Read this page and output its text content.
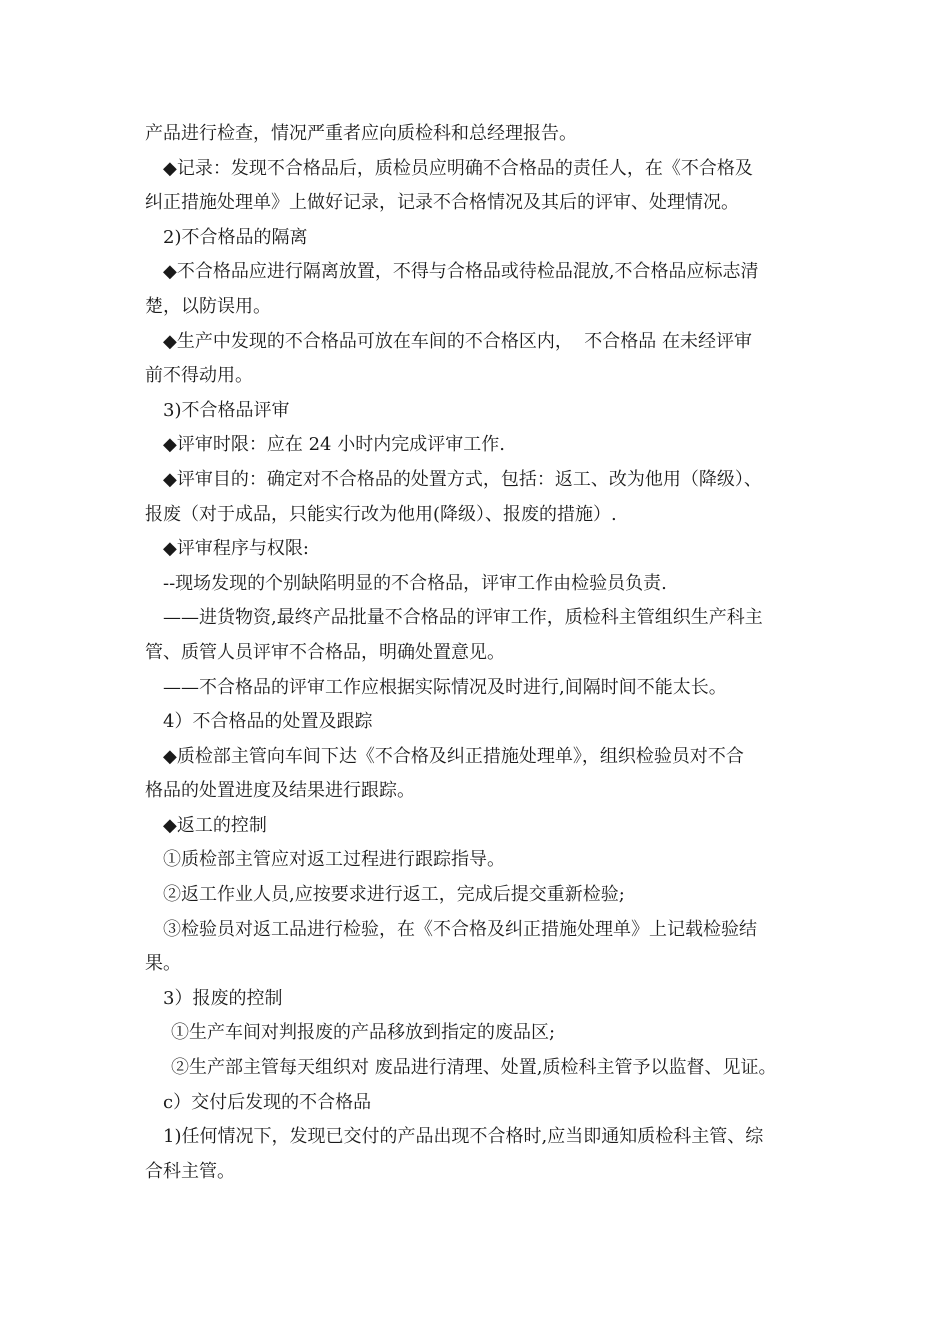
产品进行检查，情况严重者应向质检科和总经理报告。
◆记录：发现不合格品后，质检员应明确不合格品的责任人，在《不合格及
纠正措施处理单》上做好记录，记录不合格情况及其后的评审、处理情况。
2)不合格品的隔离
◆不合格品应进行隔离放置，不得与合格品或待检品混放,不合格品应标志清
楚，以防误用。
◆生产中发现的不合格品可放在车间的不合格区内，  不合格品 在未经评审
前不得动用。
3)不合格品评审
◆评审时限：应在 24 小时内完成评审工作.
◆评审目的：确定对不合格品的处置方式，包括：返工、改为他用（降级）、
报废（对于成品，只能实行改为他用(降级）、报废的措施）.
◆评审程序与权限:
--现场发现的个别缺陷明显的不合格品，评审工作由检验员负责.
——进货物资,最终产品批量不合格品的评审工作，质检科主管组织生产科主
管、质管人员评审不合格品，明确处置意见。
——不合格品的评审工作应根据实际情况及时进行,间隔时间不能太长。
4）不合格品的处置及跟踪
◆质检部主管向车间下达《不合格及纠正措施处理单》，组织检验员对不合
格品的处置进度及结果进行跟踪。
◆返工的控制
①质检部主管应对返工过程进行跟踪指导。
②返工作业人员,应按要求进行返工，完成后提交重新检验;
③检验员对返工品进行检验，在《不合格及纠正措施处理单》上记载检验结
果。
3）报废的控制
①生产车间对判报废的产品移放到指定的废品区;
②生产部主管每天组织对 废品进行清理、处置,质检科主管予以监督、见证。
c）交付后发现的不合格品
1)任何情况下，发现已交付的产品出现不合格时,应当即通知质检科主管、综
合科主管。
